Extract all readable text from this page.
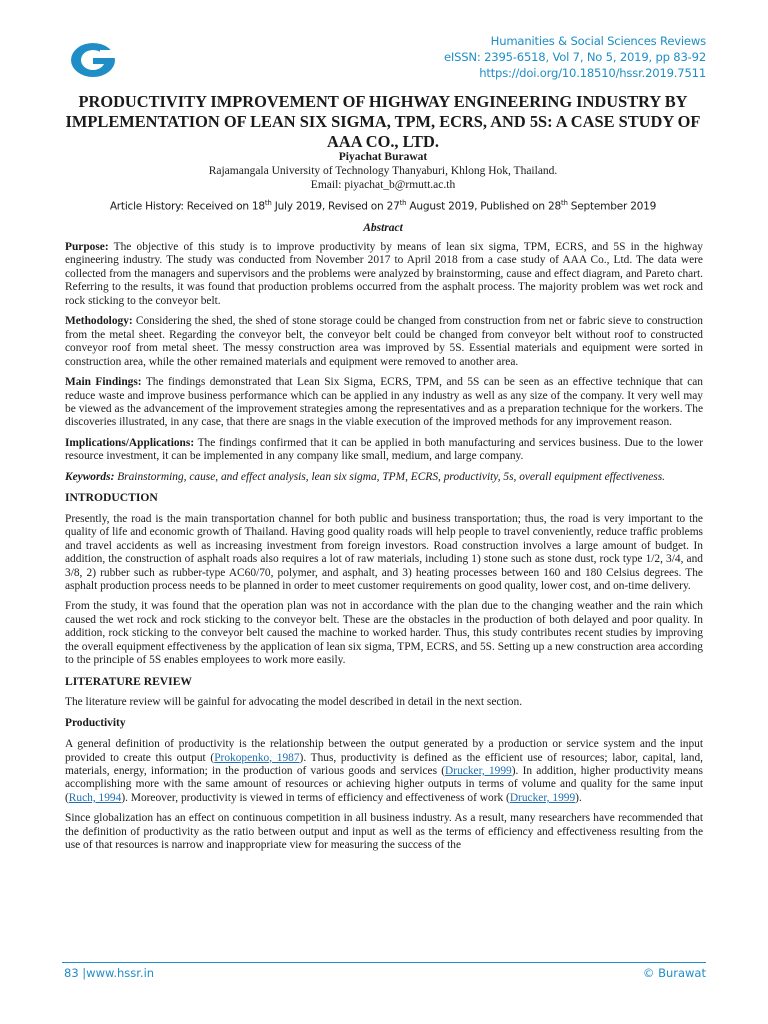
Humanities & Social Sciences Reviews
eISSN: 2395-6518, Vol 7, No 5, 2019, pp 83-92
https://doi.org/10.18510/hssr.2019.7511
PRODUCTIVITY IMPROVEMENT OF HIGHWAY ENGINEERING INDUSTRY BY IMPLEMENTATION OF LEAN SIX SIGMA, TPM, ECRS, AND 5S: A CASE STUDY OF AAA CO., LTD.
Piyachat Burawat
Rajamangala University of Technology Thanyaburi, Khlong Hok, Thailand.
Email: piyachat_b@rmutt.ac.th
Article History: Received on 18th July 2019, Revised on 27th August 2019, Published on 28th September 2019
Abstract

Purpose: The objective of this study is to improve productivity by means of lean six sigma, TPM, ECRS, and 5S in the highway engineering industry. The study was conducted from November 2017 to April 2018 from a case study of AAA Co., Ltd. The data were collected from the managers and supervisors and the problems were analyzed by brainstorming, cause and effect diagram, and Pareto chart. Referring to the results, it was found that production problems occurred from the asphalt process. The majority problem was wet rock and rock sticking to the conveyor belt.

Methodology: Considering the shed, the shed of stone storage could be changed from construction from net or fabric sieve to construction from the metal sheet. Regarding the conveyor belt, the conveyor belt could be changed from conveyor belt without roof to constructed conveyor roof from metal sheet. The messy construction area was improved by 5S. Essential materials and equipment were sorted in construction area, while the other remained materials and equipment were removed to another area.

Main Findings: The findings demonstrated that Lean Six Sigma, ECRS, TPM, and 5S can be seen as an effective technique that can reduce waste and improve business performance which can be applied in any industry as well as any size of the company. It very well may be viewed as the advancement of the improvement strategies among the representatives and as a preparation technique for the workers. The discoveries illustrated, in any case, that there are snags in the viable execution of the improved methods for any improvement reason.

Implications/Applications: The findings confirmed that it can be applied in both manufacturing and services business. Due to the lower resource investment, it can be implemented in any company like small, medium, and large company.

Keywords: Brainstorming, cause, and effect analysis, lean six sigma, TPM, ECRS, productivity, 5s, overall equipment effectiveness.

INTRODUCTION

Presently, the road is the main transportation channel for both public and business transportation; thus, the road is very important to the quality of life and economic growth of Thailand. Having good quality roads will help people to travel conveniently, reduce traffic problems and travel accidents as well as increasing investment from foreign investors. Road construction involves a large amount of budget. In addition, the construction of asphalt roads also requires a lot of raw materials, including 1) stone such as stone dust, rock type 1/2, 3/4, and 3/8, 2) rubber such as rubber-type AC60/70, polymer, and asphalt, and 3) heating processes between 160 and 180 Celsius degrees. The asphalt production process needs to be planned in order to meet customer requirements on good quality, lower cost, and on-time delivery.

From the study, it was found that the operation plan was not in accordance with the plan due to the changing weather and the rain which caused the wet rock and rock sticking to the conveyor belt. These are the obstacles in the production of both delayed and poor quality. In addition, rock sticking to the conveyor belt caused the machine to worked harder. Thus, this study contributes recent studies by improving the overall equipment effectiveness by the application of lean six sigma, TPM, ECRS, and 5S. Setting up a new construction area according to the principle of 5S enables employees to work more easily.

LITERATURE REVIEW

The literature review will be gainful for advocating the model described in detail in the next section.

Productivity

A general definition of productivity is the relationship between the output generated by a production or service system and the input provided to create this output (Prokopenko, 1987). Thus, productivity is defined as the efficient use of resources; labor, capital, land, materials, energy, information; in the production of various goods and services (Drucker, 1999). In addition, higher productivity means accomplishing more with the same amount of resources or achieving higher outputs in terms of volume and quality for the same input (Ruch, 1994). Moreover, productivity is viewed in terms of efficiency and effectiveness of work (Drucker, 1999).

Since globalization has an effect on continuous competition in all business industry. As a result, many researchers have recommended that the definition of productivity as the ratio between output and input as well as the terms of efficiency and effectiveness resulting from the use of that resources is narrow and inappropriate view for measuring the success of the

83 |www.hssr.in	© Burawat
